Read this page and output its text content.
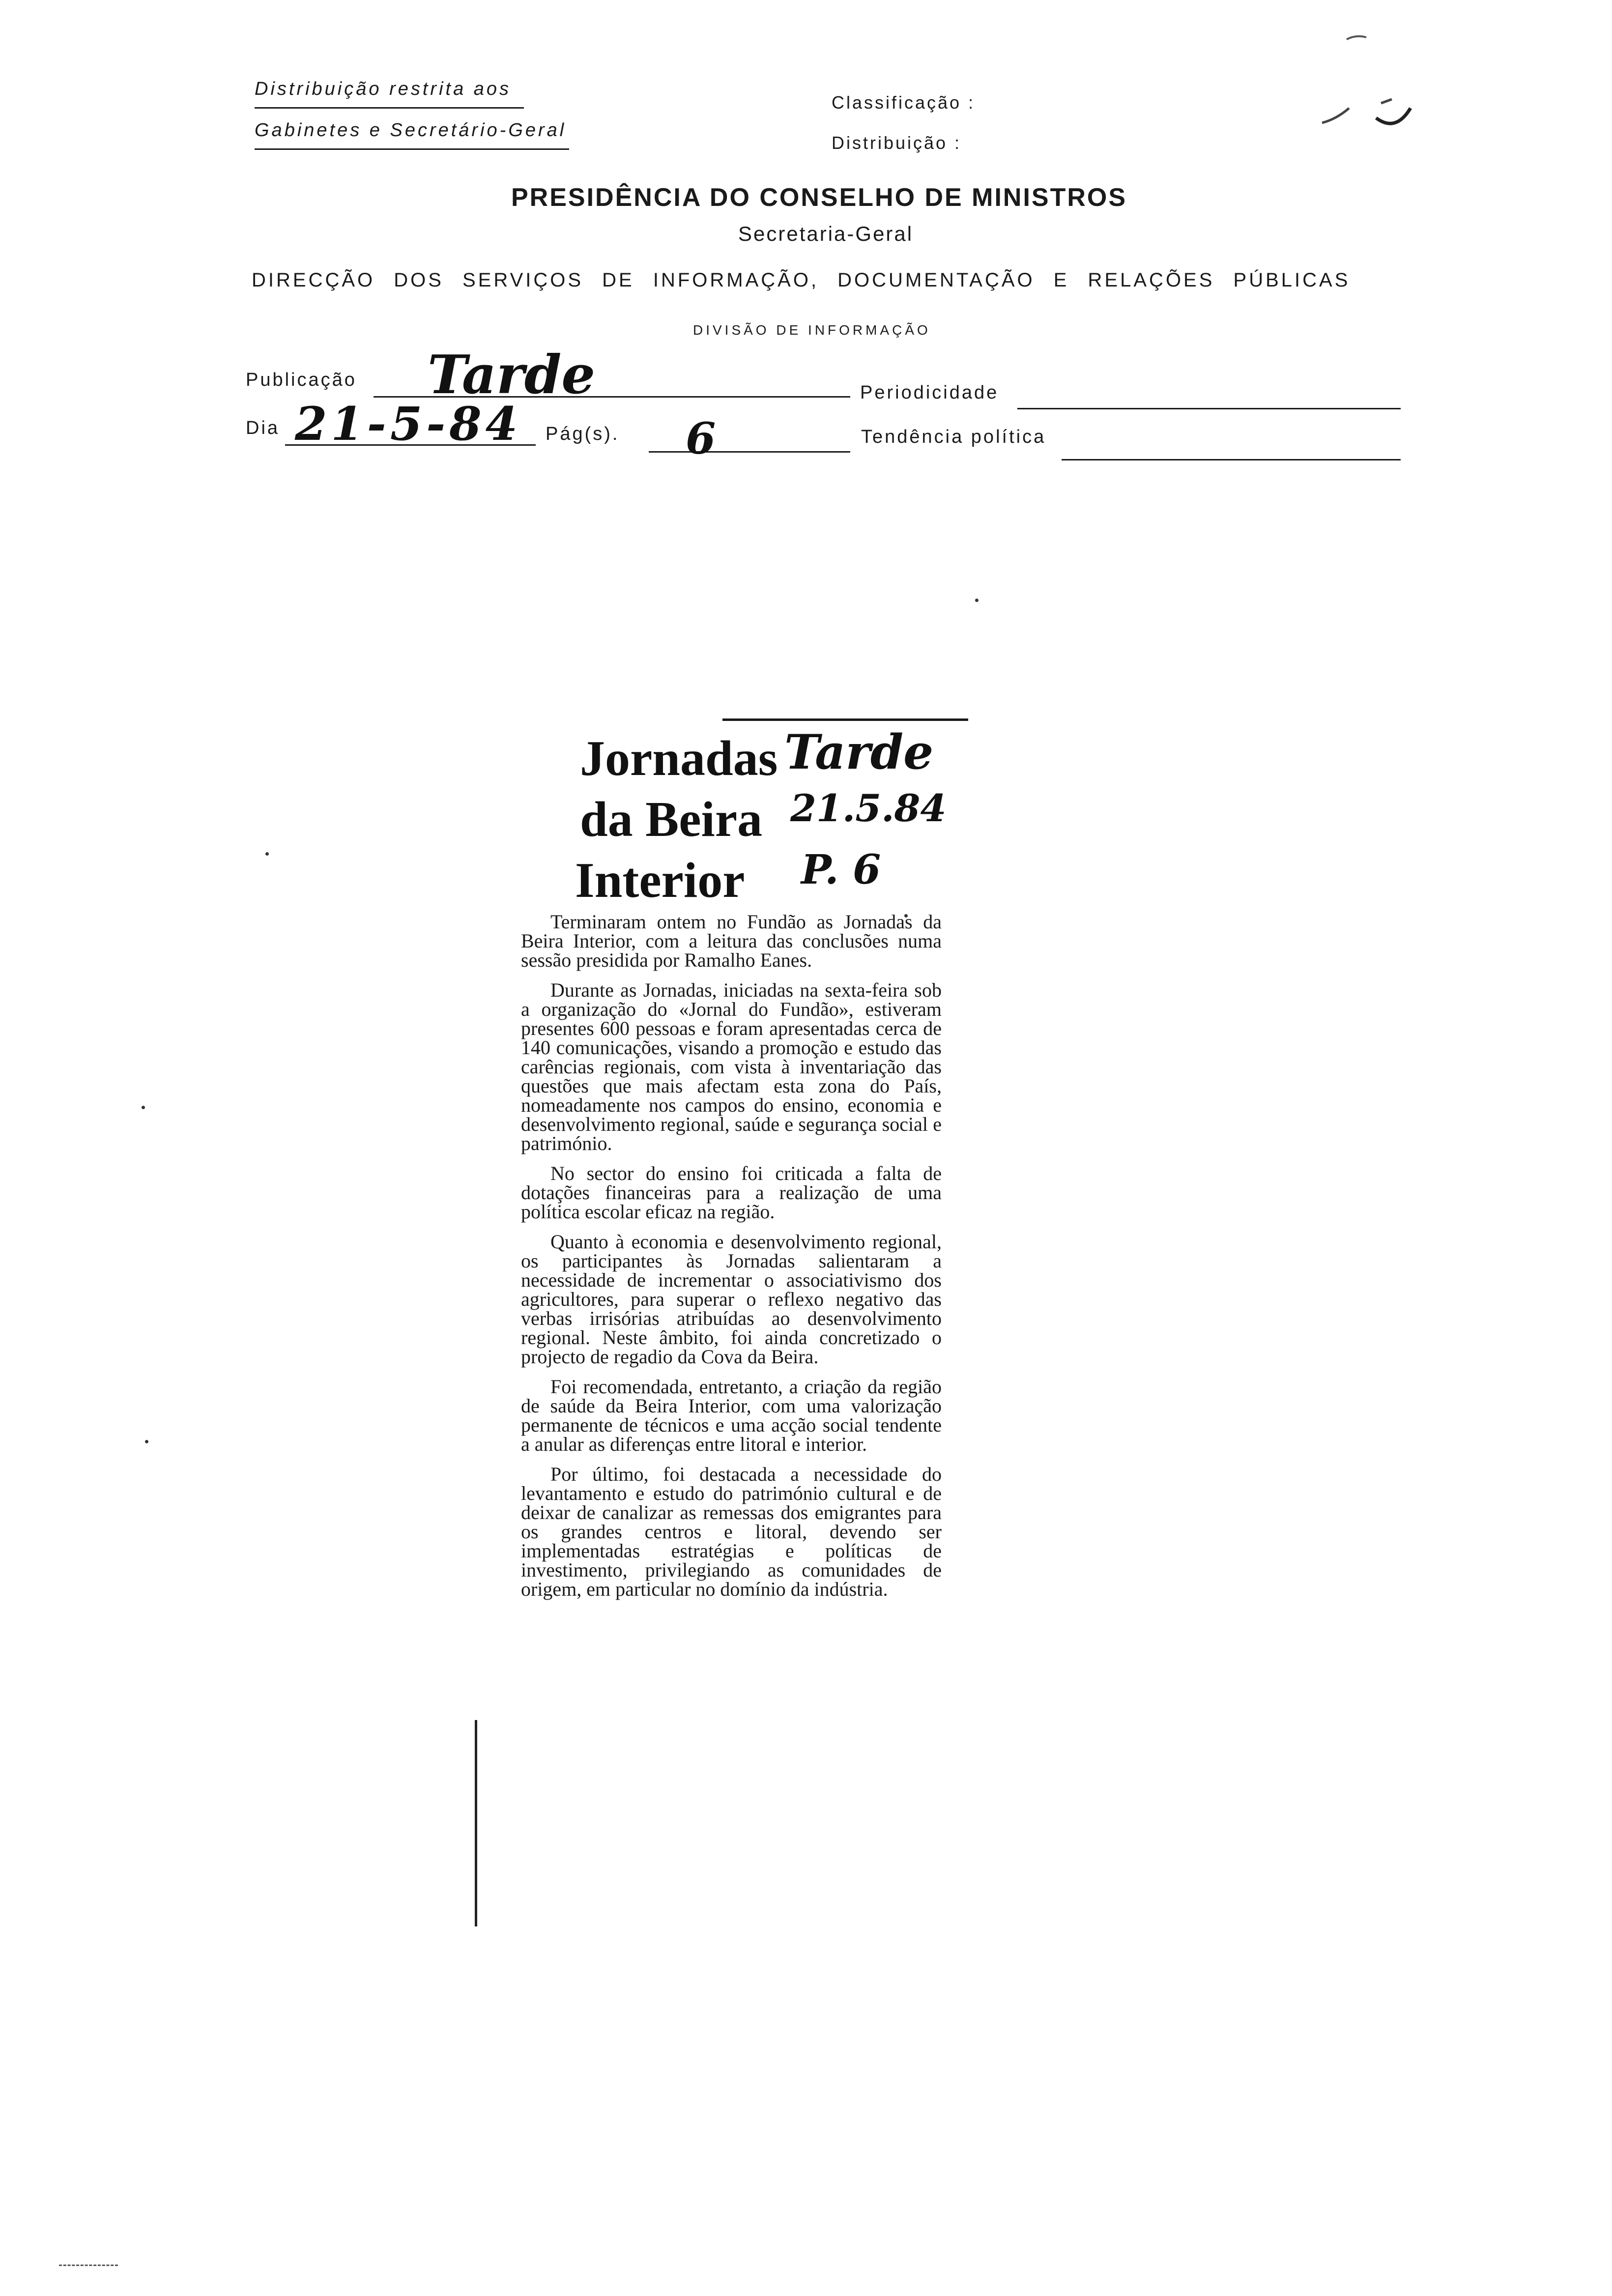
Distribuição restrita aos
Gabinetes e Secretário-Geral
Classificação :
Distribuição :
PRESIDÊNCIA DO CONSELHO DE MINISTROS
Secretaria-Geral
DIRECÇÃO DOS SERVIÇOS DE INFORMAÇÃO, DOCUMENTAÇÃO E RELAÇÕES PÚBLICAS
DIVISÃO DE INFORMAÇÃO
Publicação Tarde	Periodicidade
Dia 21-5-84 Pág(s). 6	Tendência política
Jornadas
da Beira
Interior
Tarde
21.5.84
P. 6

Terminaram ontem no Fundão as Jornadas da Beira Interior, com a leitura das conclusões numa sessão presidida por Ramalho Eanes.

Durante as Jornadas, iniciadas na sexta-feira sob a organização do «Jornal do Fundão», estiveram presentes 600 pessoas e foram apresentadas cerca de 140 comunicações, visando a promoção e estudo das carências regionais, com vista à inventariação das questões que mais afectam esta zona do País, nomeadamente nos campos do ensino, economia e desenvolvimento regional, saúde e segurança social e património.

No sector do ensino foi criticada a falta de dotações financeiras para a realização de uma política escolar eficaz na região.

Quanto à economia e desenvolvimento regional, os participantes às Jornadas salientaram a necessidade de incrementar o associativismo dos agricultores, para superar o reflexo negativo das verbas irrisórias atribuídas ao desenvolvimento regional. Neste âmbito, foi ainda concretizado o projecto de regadio da Cova da Beira.

Foi recomendada, entretanto, a criação da região de saúde da Beira Interior, com uma valorização permanente de técnicos e uma acção social tendente a anular as diferenças entre litoral e interior.

Por último, foi destacada a necessidade do levantamento e estudo do património cultural e de deixar de canalizar as remessas dos emigrantes para os grandes centros e litoral, devendo ser implementadas estratégias e políticas de investimento, privilegiando as comunidades de origem, em particular no domínio da indústria.
